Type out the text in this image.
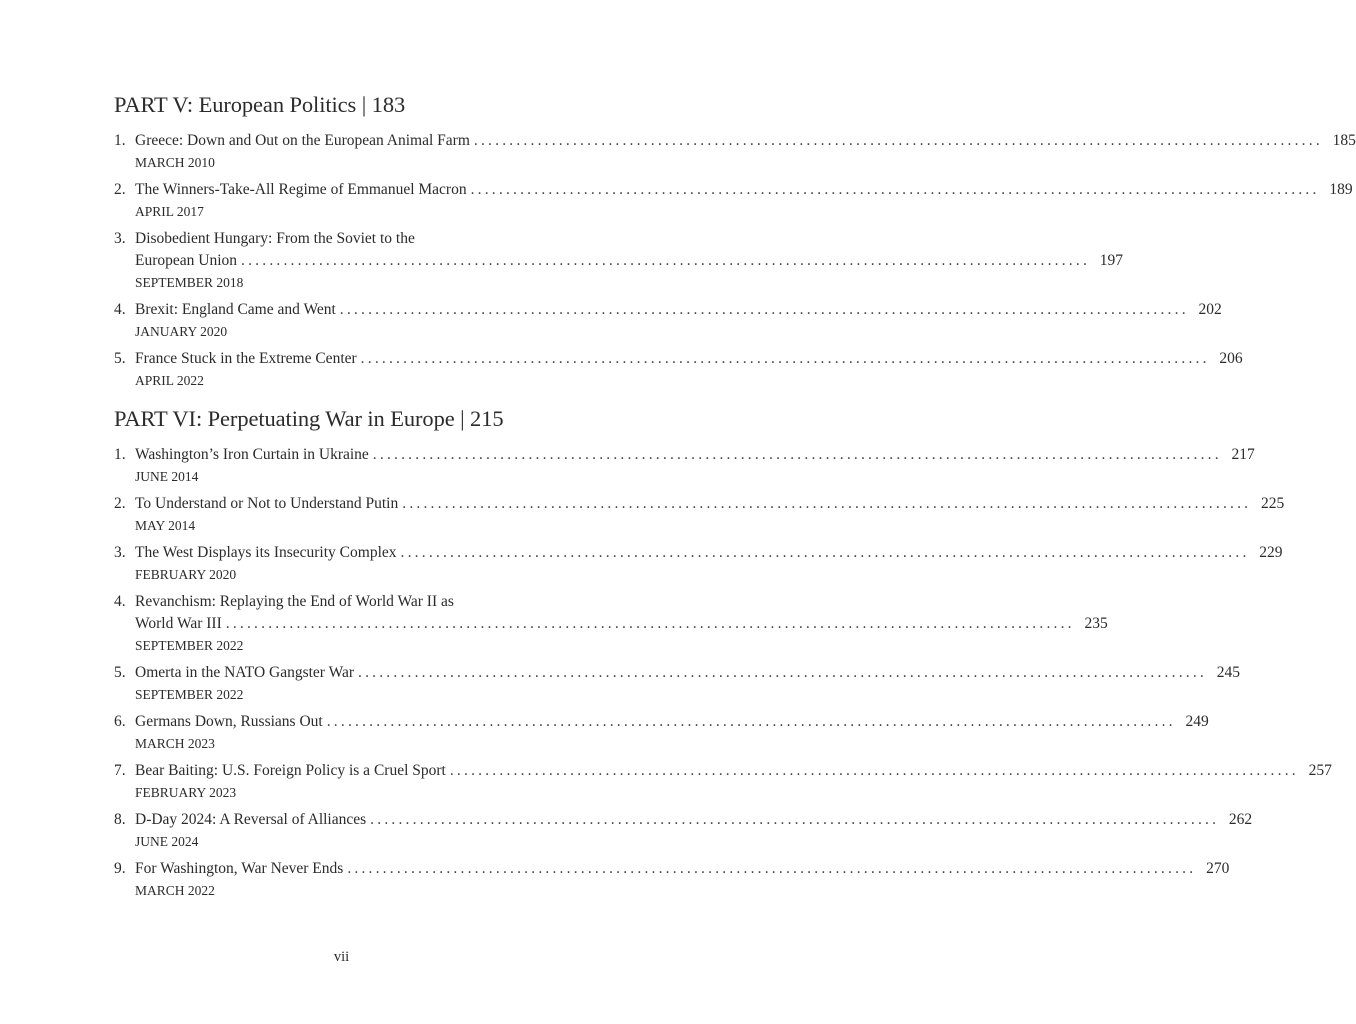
PART V: European Politics | 183
1. Greece: Down and Out on the European Animal Farm ........................................................................................................................ 185
MARCH 2010
2. The Winners-Take-All Regime of Emmanuel Macron ........................................................................................................................ 189
APRIL 2017
3. Disobedient Hungary: From the Soviet to the
European Union ........................................................................................................................ 197
SEPTEMBER 2018
4. Brexit: England Came and Went ........................................................................................................................ 202
JANUARY 2020
5. France Stuck in the Extreme Center ........................................................................................................................ 206
APRIL 2022
PART VI: Perpetuating War in Europe | 215
1. Washington’s Iron Curtain in Ukraine ........................................................................................................................ 217
JUNE 2014
2. To Understand or Not to Understand Putin ........................................................................................................................ 225
MAY 2014
3. The West Displays its Insecurity Complex ........................................................................................................................ 229
FEBRUARY 2020
4. Revanchism: Replaying the End of World War II as
World War III ........................................................................................................................ 235
SEPTEMBER 2022
5. Omerta in the NATO Gangster War ........................................................................................................................ 245
SEPTEMBER 2022
6. Germans Down, Russians Out ........................................................................................................................ 249
MARCH 2023
7. Bear Baiting: U.S. Foreign Policy is a Cruel Sport ........................................................................................................................ 257
FEBRUARY 2023
8. D-Day 2024: A Reversal of Alliances ........................................................................................................................ 262
JUNE 2024
9. For Washington, War Never Ends ........................................................................................................................ 270
MARCH 2022
vii
